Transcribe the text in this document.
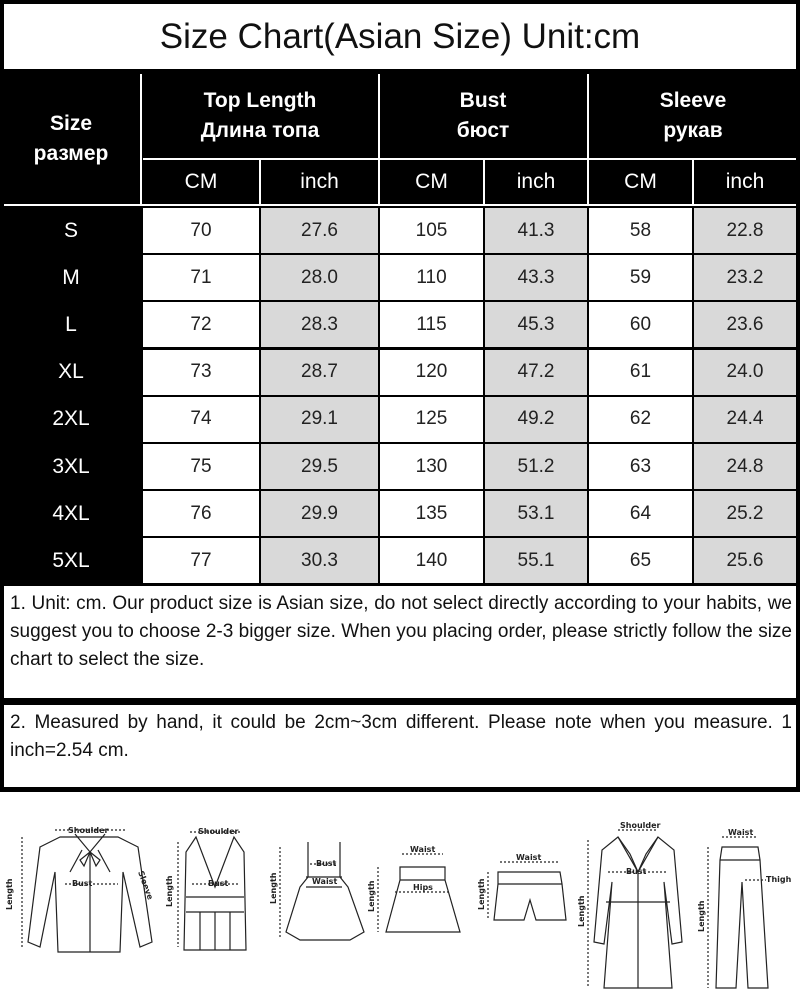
Size Chart(Asian Size) Unit:cm
Size
размер
Top Length
Длина топа
Bust
бюст
Sleeve
рукав
CM	inch	CM	inch	CM	inch
S	70	27.6	105	41.3	58	22.8
M	71	28.0	110	43.3	59	23.2
L	72	28.3	115	45.3	60	23.6
XL	73	28.7	120	47.2	61	24.0
2XL	74	29.1	125	49.2	62	24.4
3XL	75	29.5	130	51.2	63	24.8
4XL	76	29.9	135	53.1	64	25.2
5XL	77	30.3	140	55.1	65	25.6
1. Unit: cm. Our product size is Asian size, do not select directly according to your habits, we suggest you to choose 2-3 bigger size. When you placing order, please strictly follow the size chart to select the size.
2. Measured by hand, it could be 2cm~3cm different. Please note when you measure. 1 inch=2.54 cm.
Shoulder
Length	Bust	Sleeve
Shoulder
Length	Bust
Bust
Waist
Length
Waist
Hips
Length
Waist
Length
Shoulder
Bust
Length
Waist
Thigh
Length
